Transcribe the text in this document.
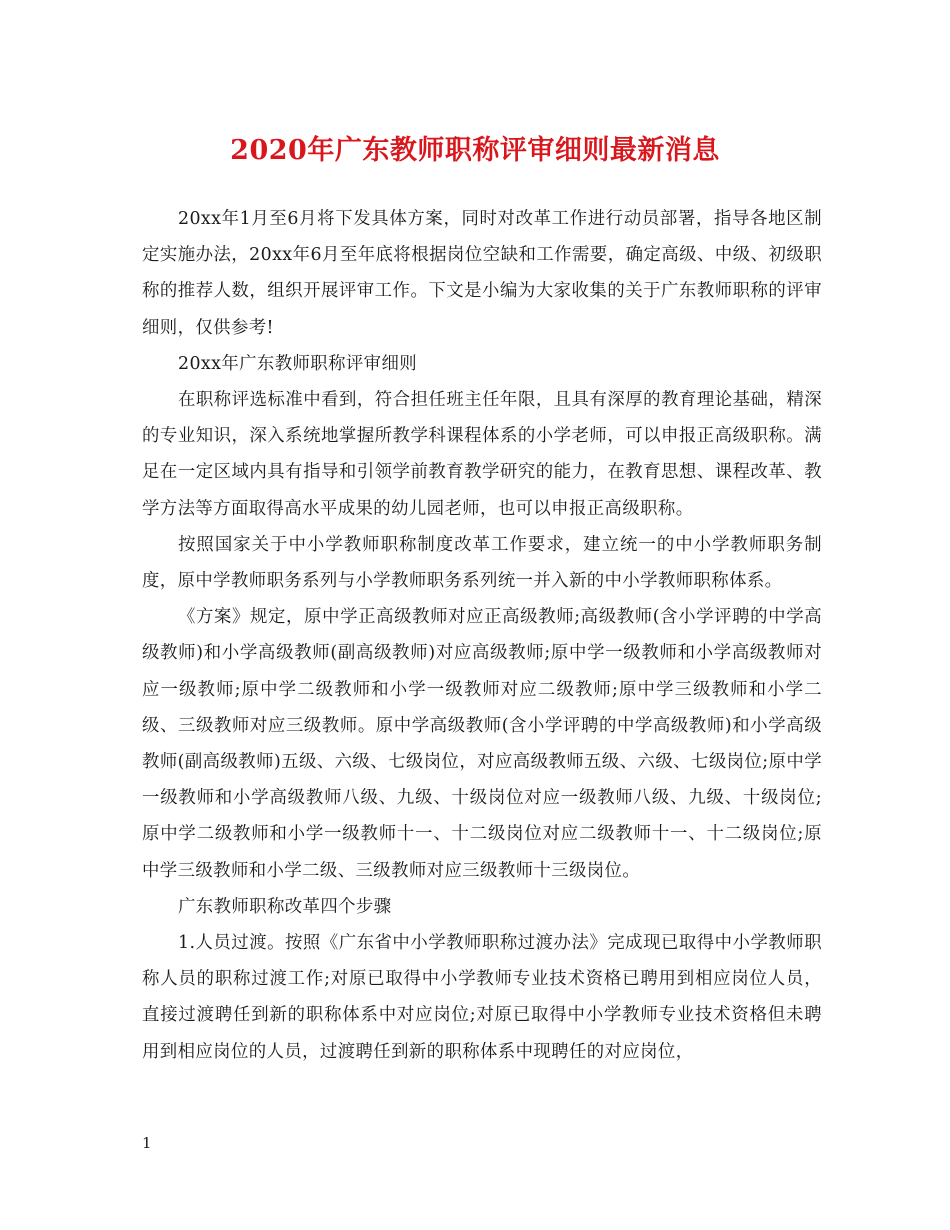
2020年广东教师职称评审细则最新消息

20xx年1月至6月将下发具体方案，同时对改革工作进行动员部署，指导各地区制定实施办法，20xx年6月至年底将根据岗位空缺和工作需要，确定高级、中级、初级职称的推荐人数，组织开展评审工作。下文是小编为大家收集的关于广东教师职称的评审细则，仅供参考!

20xx年广东教师职称评审细则

在职称评选标准中看到，符合担任班主任年限，且具有深厚的教育理论基础，精深的专业知识，深入系统地掌握所教学科课程体系的小学老师，可以申报正高级职称。满足在一定区域内具有指导和引领学前教育教学研究的能力，在教育思想、课程改革、教学方法等方面取得高水平成果的幼儿园老师，也可以申报正高级职称。

按照国家关于中小学教师职称制度改革工作要求，建立统一的中小学教师职务制度，原中学教师职务系列与小学教师职务系列统一并入新的中小学教师职称体系。

《方案》规定，原中学正高级教师对应正高级教师;高级教师(含小学评聘的中学高级教师)和小学高级教师(副高级教师)对应高级教师;原中学一级教师和小学高级教师对应一级教师;原中学二级教师和小学一级教师对应二级教师;原中学三级教师和小学二级、三级教师对应三级教师。原中学高级教师(含小学评聘的中学高级教师)和小学高级教师(副高级教师)五级、六级、七级岗位，对应高级教师五级、六级、七级岗位;原中学一级教师和小学高级教师八级、九级、十级岗位对应一级教师八级、九级、十级岗位;原中学二级教师和小学一级教师十一、十二级岗位对应二级教师十一、十二级岗位;原中学三级教师和小学二级、三级教师对应三级教师十三级岗位。

广东教师职称改革四个步骤

1.人员过渡。按照《广东省中小学教师职称过渡办法》完成现已取得中小学教师职称人员的职称过渡工作;对原已取得中小学教师专业技术资格已聘用到相应岗位人员，直接过渡聘任到新的职称体系中对应岗位;对原已取得中小学教师专业技术资格但未聘用到相应岗位的人员，过渡聘任到新的职称体系中现聘任的对应岗位，

1
